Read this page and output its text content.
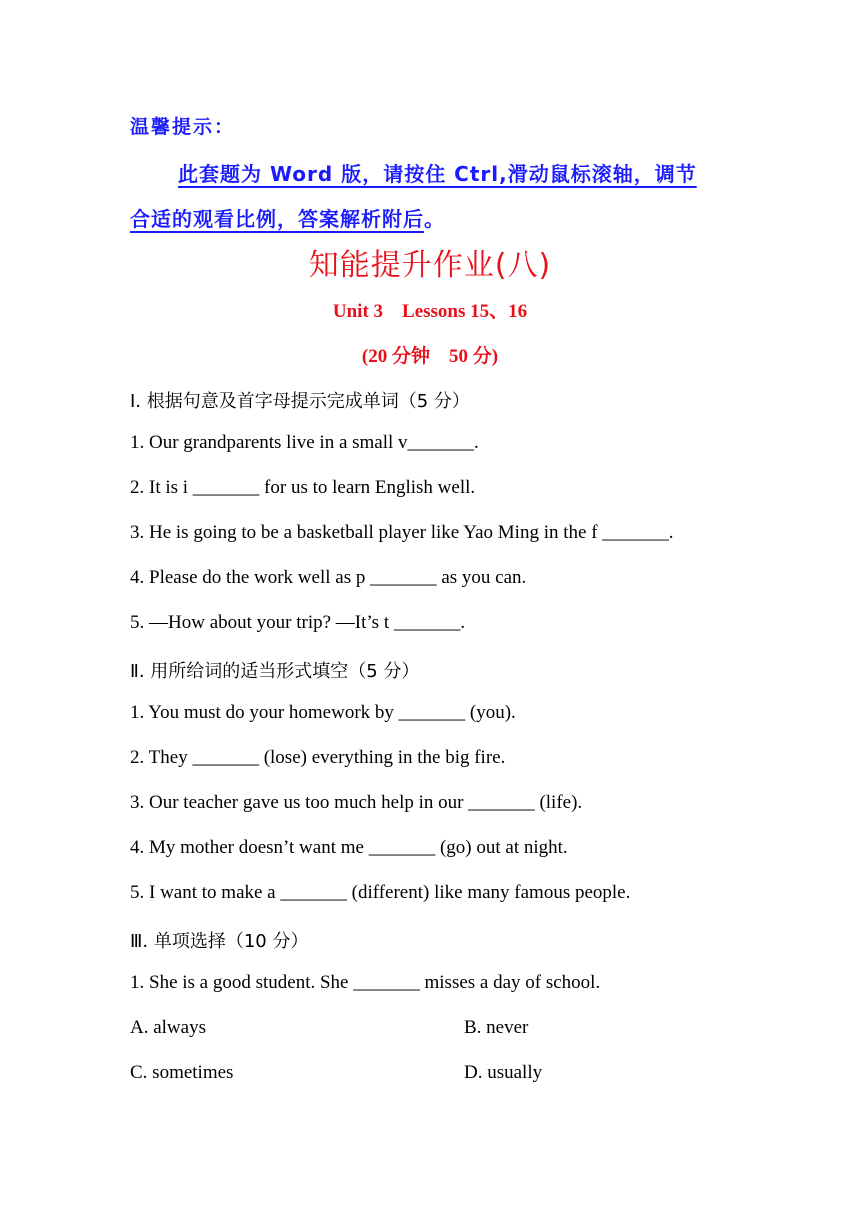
温馨提示：
此套题为 Word 版，请按住 Ctrl,滑动鼠标滚轴，调节
合适的观看比例，答案解析附后。
知能提升作业(八)
Unit 3　Lessons 15、16
(20 分钟　50 分)
Ⅰ. 根据句意及首字母提示完成单词（5 分）
1. Our grandparents live in a small v_______.
2. It is i _______ for us to learn English well.
3. He is going to be a basketball player like Yao Ming in the f _______.
4. Please do the work well as p _______ as you can.
5. —How about your trip? —It’s t _______.
Ⅱ. 用所给词的适当形式填空（5 分）
1. You must do your homework by _______ (you).
2. They _______ (lose) everything in the big fire.
3. Our teacher gave us too much help in our _______ (life).
4. My mother doesn’t want me _______ (go) out at night.
5. I want to make a _______ (different) like many famous people.
Ⅲ. 单项选择（10 分）
1. She is a good student. She _______ misses a day of school.
A. always	B. never
C. sometimes	D. usually
